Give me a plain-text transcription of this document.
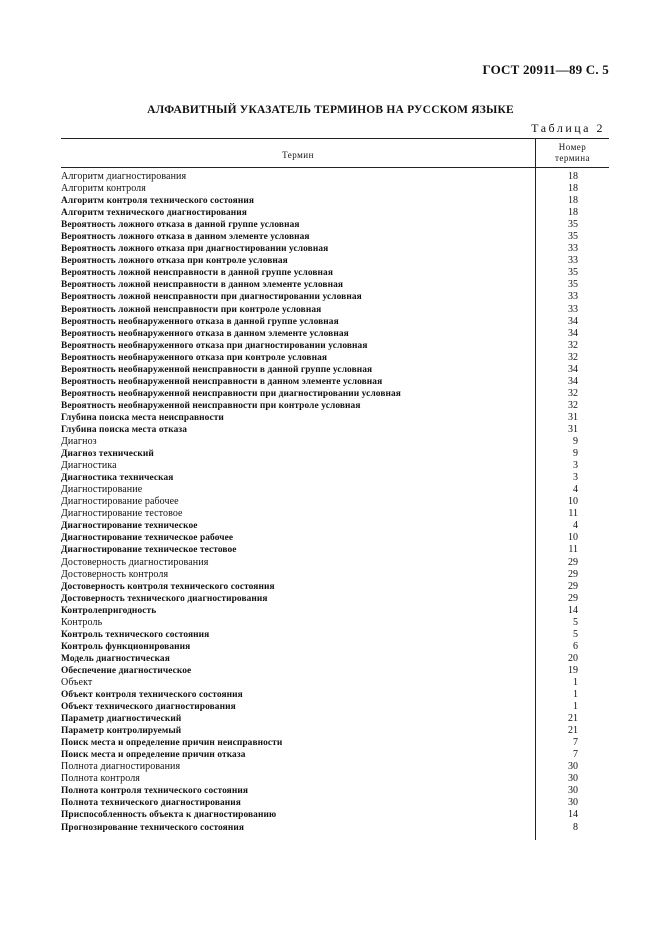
ГОСТ 20911—89 С. 5
АЛФАВИТНЫЙ УКАЗАТЕЛЬ ТЕРМИНОВ НА РУССКОМ ЯЗЫКЕ
Таблица 2
Термин
Номер
термина
Алгоритм диагностирования	18
Алгоритм контроля	18
Алгоритм контроля технического состояния	18
Алгоритм технического диагностирования	18
Вероятность ложного отказа в данной группе условная	35
Вероятность ложного отказа в данном элементе условная	35
Вероятность ложного отказа при диагностировании условная	33
Вероятность ложного отказа при контроле условная	33
Вероятность ложной неисправности в данной группе условная	35
Вероятность ложной неисправности в данном элементе условная	35
Вероятность ложной неисправности при диагностировании условная	33
Вероятность ложной неисправности при контроле условная	33
Вероятность необнаруженного отказа в данной группе условная	34
Вероятность необнаруженного отказа в данном элементе условная	34
Вероятность необнаруженного отказа при диагностировании условная	32
Вероятность необнаруженного отказа при контроле условная	32
Вероятность необнаруженной неисправности в данной группе условная	34
Вероятность необнаруженной неисправности в данном элементе условная	34
Вероятность необнаруженной неисправности при диагностировании условная	32
Вероятность необнаруженной неисправности при контроле условная	32
Глубина поиска места неисправности	31
Глубина поиска места отказа	31
Диагноз	9
Диагноз технический	9
Диагностика	3
Диагностика техническая	3
Диагностирование	4
Диагностирование рабочее	10
Диагностирование тестовое	11
Диагностирование техническое	4
Диагностирование техническое рабочее	10
Диагностирование техническое тестовое	11
Достоверность диагностирования	29
Достоверность контроля	29
Достоверность контроля технического состояния	29
Достоверность технического диагностирования	29
Контролепригодность	14
Контроль	5
Контроль технического состояния	5
Контроль функционирования	6
Модель диагностическая	20
Обеспечение диагностическое	19
Объект	1
Объект контроля технического состояния	1
Объект технического диагностирования	1
Параметр диагностический	21
Параметр контролируемый	21
Поиск места и определение причин неисправности	7
Поиск места и определение причин отказа	7
Полнота диагностирования	30
Полнота контроля	30
Полнота контроля технического состояния	30
Полнота технического диагностирования	30
Приспособленность объекта к диагностированию	14
Прогнозирование технического состояния	8
